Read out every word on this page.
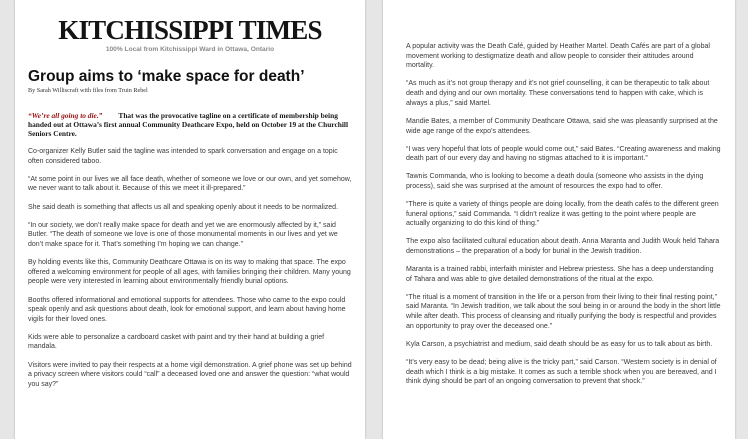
KITCHISSIPPI TIMES
100% Local from Kitchissippi Ward in Ottawa, Ontario
Group aims to ‘make space for death’
By Sarah Williscraft with files from Truin Rebel

“We’re all going to die.” That was the provocative tagline on a certificate of membership being handed out at Ottawa’s first annual Community Deathcare Expo, held on October 19 at the Churchill Seniors Centre.

Co-organizer Kelly Butler said the tagline was intended to spark conversation and engage on a topic often considered taboo.

“At some point in our lives we all face death, whether of someone we love or our own, and yet somehow, we never want to talk about it. Because of this we meet it ill-prepared.”

She said death is something that affects us all and speaking openly about it needs to be normalized.

“In our society, we don’t really make space for death and yet we are enormously affected by it,” said Butler. “The death of someone we love is one of those monumental moments in our lives and yet we don’t make space for it. That’s something I’m hoping we can change.”

By holding events like this, Community Deathcare Ottawa is on its way to making that space. The expo offered a welcoming environment for people of all ages, with families bringing their children. Many young people were very interested in learning about environmentally friendly burial options.

Booths offered informational and emotional supports for attendees. Those who came to the expo could speak openly and ask questions about death, look for emotional support, and learn about having home vigils for their loved ones.

Kids were able to personalize a cardboard casket with paint and try their hand at building a grief mandala.

Visitors were invited to pay their respects at a home vigil demonstration. A grief phone was set up behind a privacy screen where visitors could “call” a deceased loved one and answer the question: “what would you say?”

A popular activity was the Death Café, guided by Heather Martel. Death Cafés are part of a global movement working to destigmatize death and allow people to consider their attitudes around mortality.

“As much as it’s not group therapy and it’s not grief counselling, it can be therapeutic to talk about death and dying and our own mortality. These conversations tend to happen with cake, which is always a plus,” said Martel.

Mandie Bates, a member of Community Deathcare Ottawa, said she was pleasantly surprised at the wide age range of the expo’s attendees.

“I was very hopeful that lots of people would come out,” said Bates. “Creating awareness and making death part of our every day and having no stigmas attached to it is important.”

Tawnis Commanda, who is looking to become a death doula (someone who assists in the dying process), said she was surprised at the amount of resources the expo had to offer.

“There is quite a variety of things people are doing locally, from the death cafés to the different green funeral options,” said Commanda. “I didn’t realize it was getting to the point where people are actually organizing to do this kind of thing.”

The expo also facilitated cultural education about death. Anna Maranta and Judith Wouk held Tahara demonstrations – the preparation of a body for burial in the Jewish tradition.

Maranta is a trained rabbi, interfaith minister and Hebrew priestess. She has a deep understanding of Tahara and was able to give detailed demonstrations of the ritual at the expo.

“The ritual is a moment of transition in the life or a person from their living to their final resting point,” said Maranta. “In Jewish tradition, we talk about the soul being in or around the body in the short little while after death. This process of cleansing and ritually purifying the body is respectful and provides an opportunity to pray over the deceased one.”

Kyla Carson, a psychiatrist and medium, said death should be as easy for us to talk about as birth.

“It’s very easy to be dead; being alive is the tricky part,” said Carson. “Western society is in denial of death which I think is a big mistake. It comes as such a terrible shock when you are bereaved, and I think dying should be part of an ongoing conversation to prevent that shock.”
